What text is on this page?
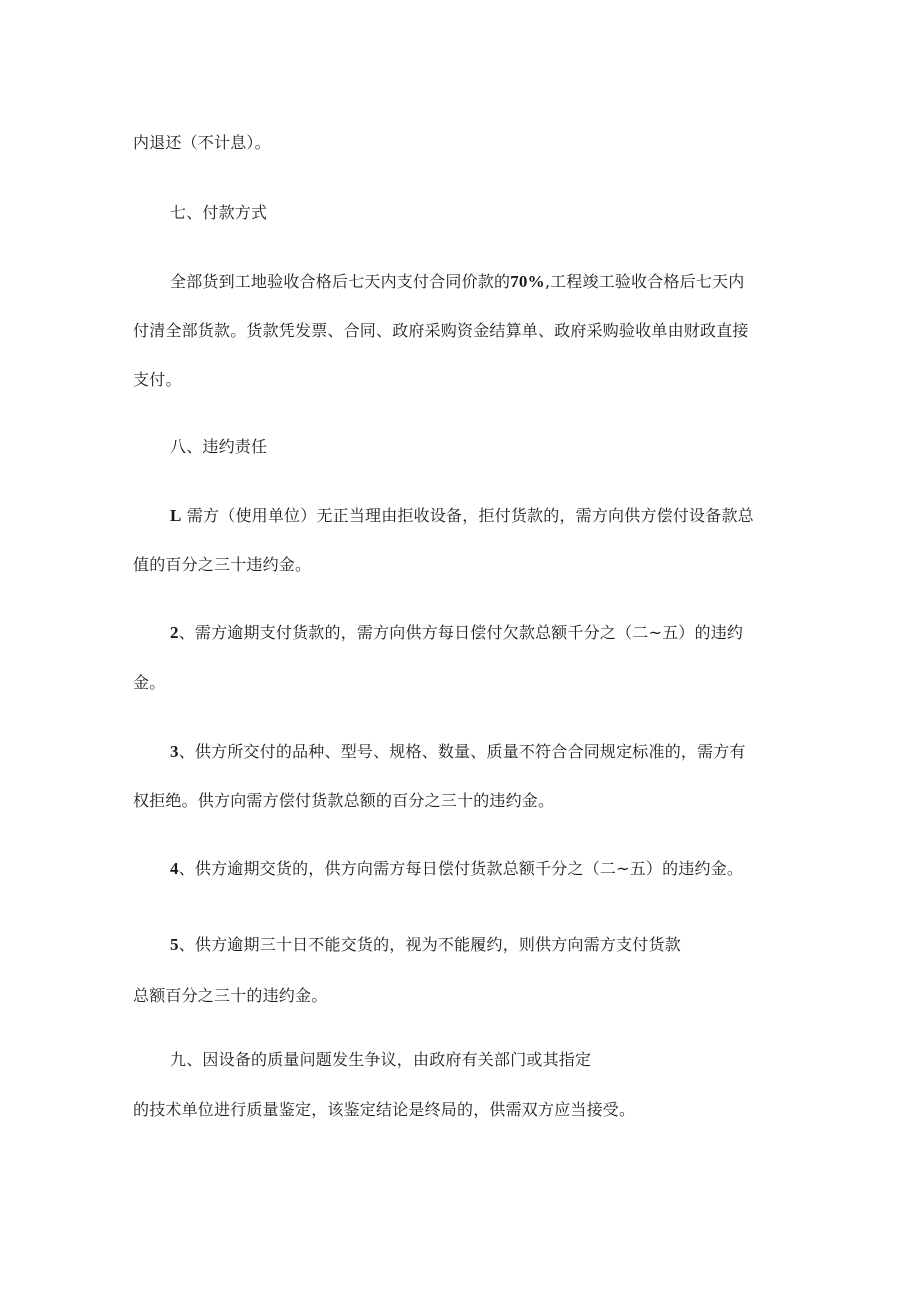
内退还（不计息）。
七、付款方式
全部货到工地验收合格后七天内支付合同价款的70%,工程竣工验收合格后七天内
付清全部货款。货款凭发票、合同、政府采购资金结算单、政府采购验收单由财政直接
支付。
八、违约责任
L 需方（使用单位）无正当理由拒收设备，拒付货款的，需方向供方偿付设备款总
值的百分之三十违约金。
2、需方逾期支付货款的，需方向供方每日偿付欠款总额千分之（二~五）的违约
金。
3、供方所交付的品种、型号、规格、数量、质量不符合合同规定标准的，需方有
权拒绝。供方向需方偿付货款总额的百分之三十的违约金。
4、供方逾期交货的，供方向需方每日偿付货款总额千分之（二~五）的违约金。
5、供方逾期三十日不能交货的，视为不能履约，则供方向需方支付货款
总额百分之三十的违约金。
九、因设备的质量问题发生争议，由政府有关部门或其指定
的技术单位进行质量鉴定，该鉴定结论是终局的，供需双方应当接受。
